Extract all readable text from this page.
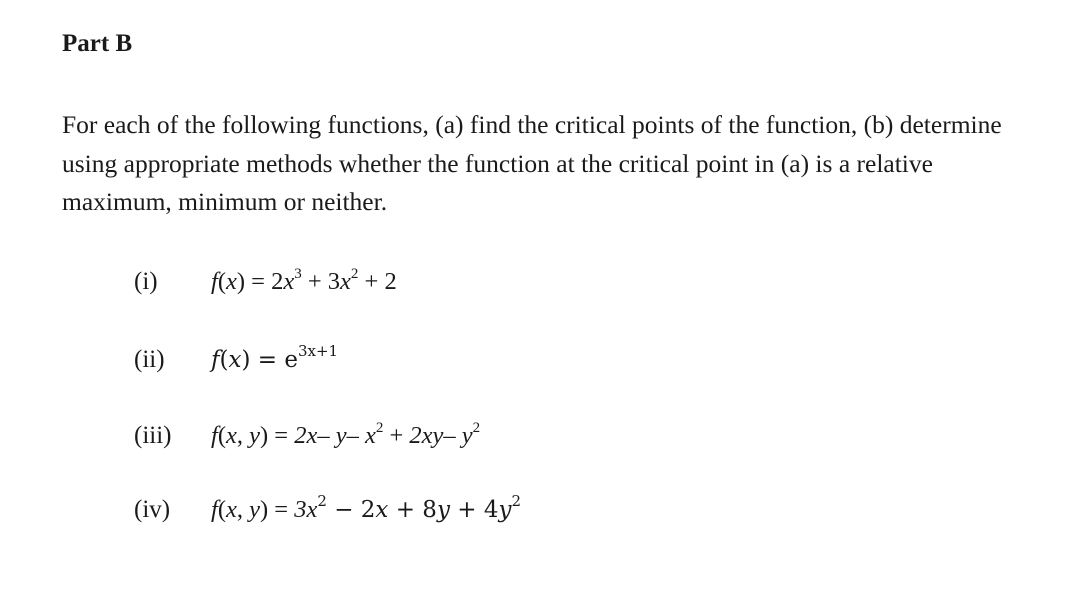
Part B

For each of the following functions, (a) find the critical points of the function, (b) determine using appropriate methods whether the function at the critical point in (a) is a relative maximum, minimum or neither.

(i) $f(x) = 2x^3 + 3x^2 + 2$
(ii) $f(x) = e^{3x+1}$
(iii) f(x, y) = 2x– y– $x^2 + 2xy-$ $y^2$
(iv) f(x, $y) = 3x^2 - 2x + 8y + 4y^2$
